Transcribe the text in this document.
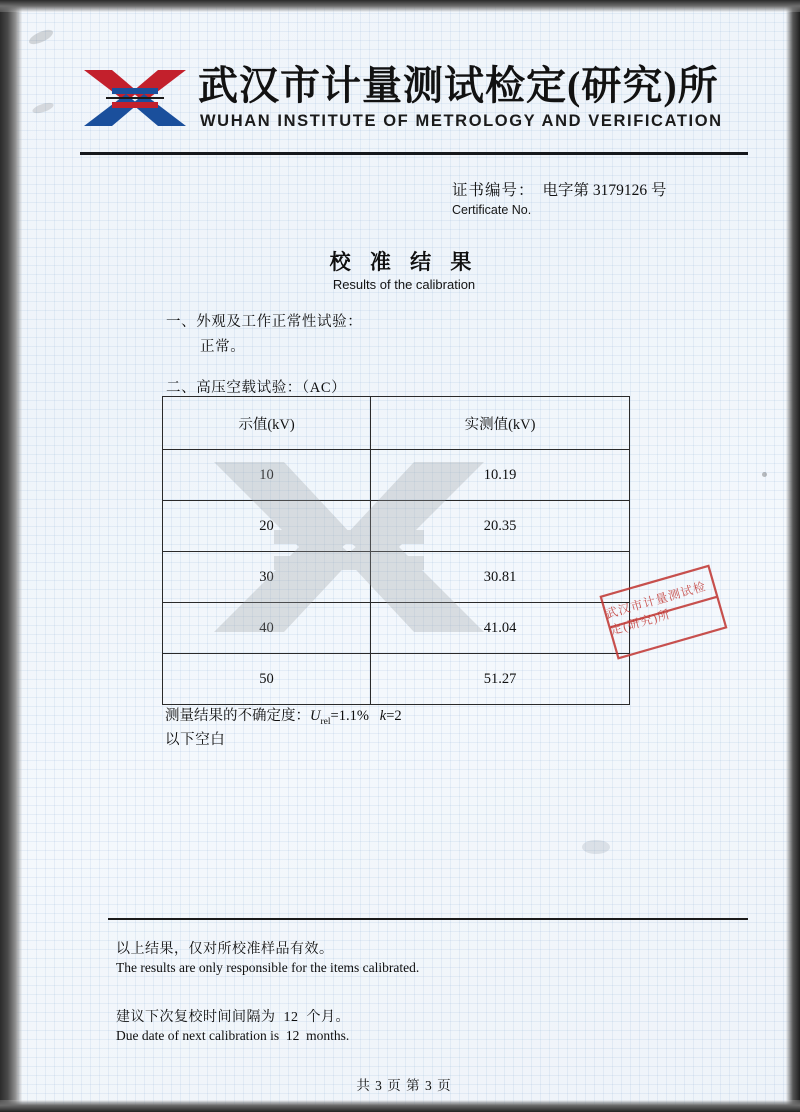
武汉市计量测试检定(研究)所
WUHAN INSTITUTE OF METROLOGY AND VERIFICATION
证书编号： 电字第 3179126 号
Certificate No.
校 准 结 果
Results of the calibration
一、外观及工作正常性试验：
正常。
二、高压空载试验：（AC）
示值(kV)	实测值(kV)
10	10.19
20	20.35
30	30.81
40	41.04
50	51.27
武汉市计量测试检定(研究)所
测量结果的不确定度：$U_{rel}=1.1\%$ k=2
以下空白
以上结果，仅对所校准样品有效。
The results are only responsible for the items calibrated.
建议下次复校时间间隔为 12 个月。
Due date of next calibration is 12 months.
共 3 页 第 3 页
